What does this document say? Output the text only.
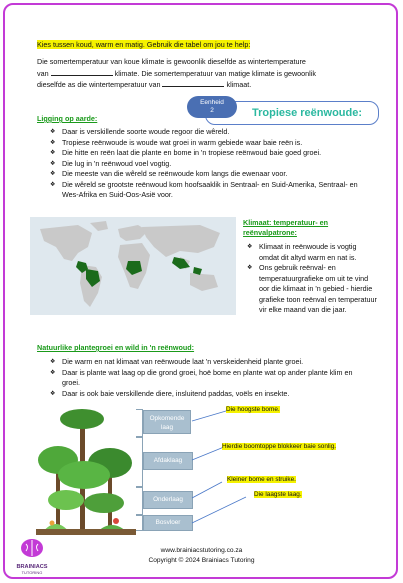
Kies tussen koud, warm en matig. Gebruik die tabel om jou te help:
Die somertemperatuur van koue klimate is gewoonlik dieselfde as wintertemperature
van	klimate. Die somertemperatuur van matige klimate is gewoonlik
dieselfde as die wintertemperatuur van	klimaat.
Tropiese reënwoude:
Eenheid
2
Ligging op aarde:
❖ Daar is verskillende soorte woude regoor die wêreld.
❖ Tropiese reënwoude is woude wat groei in warm gebiede waar baie reën is.
❖ Die hitte en reën laat die plante en bome in 'n tropiese reënwoud baie goed groei.
❖ Die lug in 'n reënwoud voel vogtig.
❖ Die meeste van die wêreld se reënwoude kom langs die ewenaar voor.
❖ Die wêreld se grootste reënwoud kom hoofsaaklik in Sentraal- en Suid-Amerika, Sentraal- en Wes-Afrika en Suid-Oos-Asië voor.
Klimaat: temperatuur- en reënvalpatrone:
❖ Klimaat in reënwoude is vogtig omdat dit altyd warm en nat is.
❖ Ons gebruik reënval- en temperatuurgrafieke om uit te vind oor die klimaat in 'n gebied - hierdie grafieke toon reënval en temperatuur vir elke maand van die jaar.
Natuurlike plantegroei en wild in 'n reënwoud:
❖ Die warm en nat klimaat van reënwoude laat 'n verskeidenheid plante groei.
❖ Daar is plante wat laag op die grond groei, hoë bome en plante wat op ander plante klim en groei.
❖ Daar is ook baie verskillende diere, insluitend paddas, voëls en insekte.
Opkomende laag
Afdaklaag
Onderlaag
Bosvloer
Die hoogste bome.
Hierdie boomtoppe blokkeer baie sonlig.
Kleiner bome en struike.
Die laagste laag.
www.brainiacstutoring.co.za
Copyright © 2024 Brainiacs Tutoring
BRAINIACS
TUTORING
